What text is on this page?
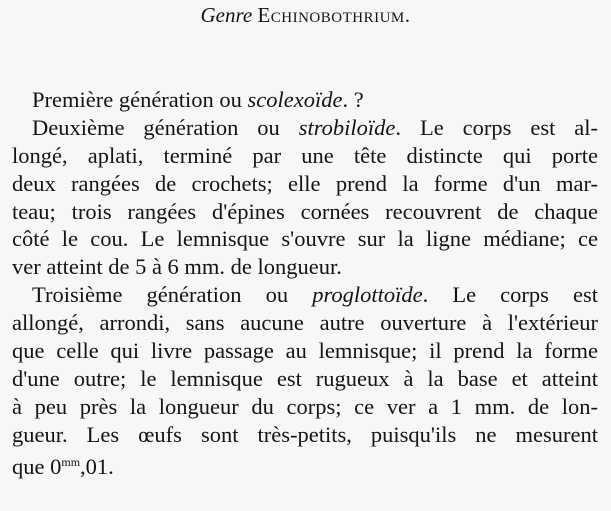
Genre Echinobothrium.
Première génération ou scolexoïde. ?
Deuxième génération ou strobiloïde. Le corps est al-
longé, aplati, terminé par une tête distincte qui porte
deux rangées de crochets; elle prend la forme d'un mar-
teau; trois rangées d'épines cornées recouvrent de chaque
côté le cou. Le lemnisque s'ouvre sur la ligne médiane; ce
ver atteint de 5 à 6 mm. de longueur.
Troisième génération ou proglottoïde. Le corps est
allongé, arrondi, sans aucune autre ouverture à l'extérieur
que celle qui livre passage au lemnisque; il prend la forme
d'une outre; le lemnisque est rugueux à la base et atteint
à peu près la longueur du corps; ce ver a 1 mm. de lon-
gueur. Les œufs sont très-petits, puisqu'ils ne mesurent
que $0^{mm},01$.
